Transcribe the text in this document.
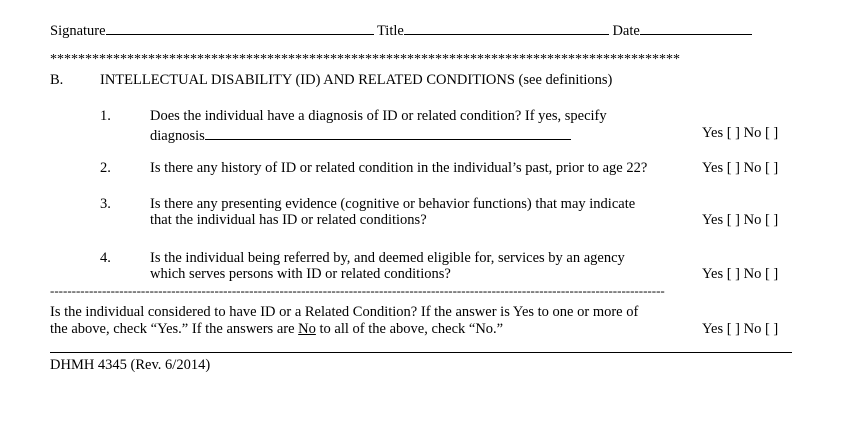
Signature	Title	Date
******************************************************************************************
B.	INTELLECTUAL DISABILITY (ID) AND RELATED CONDITIONS (see definitions)
1.	Does the individual have a diagnosis of ID or related condition? If yes, specify
diagnosis	Yes [ ] No [ ]
2.	Is there any history of ID or related condition in the individual’s past, prior to age 22?	Yes [ ] No [ ]
3.	Is there any presenting evidence (cognitive or behavior functions) that may indicate
that the individual has ID or related conditions?	Yes [ ] No [ ]
4.	Is the individual being referred by, and deemed eligible for, services by an agency
which serves persons with ID or related conditions?	Yes [ ] No [ ]
----------------------------------------------------------------------------------------------------------------------------------------------
Is the individual considered to have ID or a Related Condition? If the answer is Yes to one or more of
the above, check “Yes.” If the answers are No to all of the above, check “No.”	Yes [ ] No [ ]
DHMH 4345 (Rev. 6/2014)
